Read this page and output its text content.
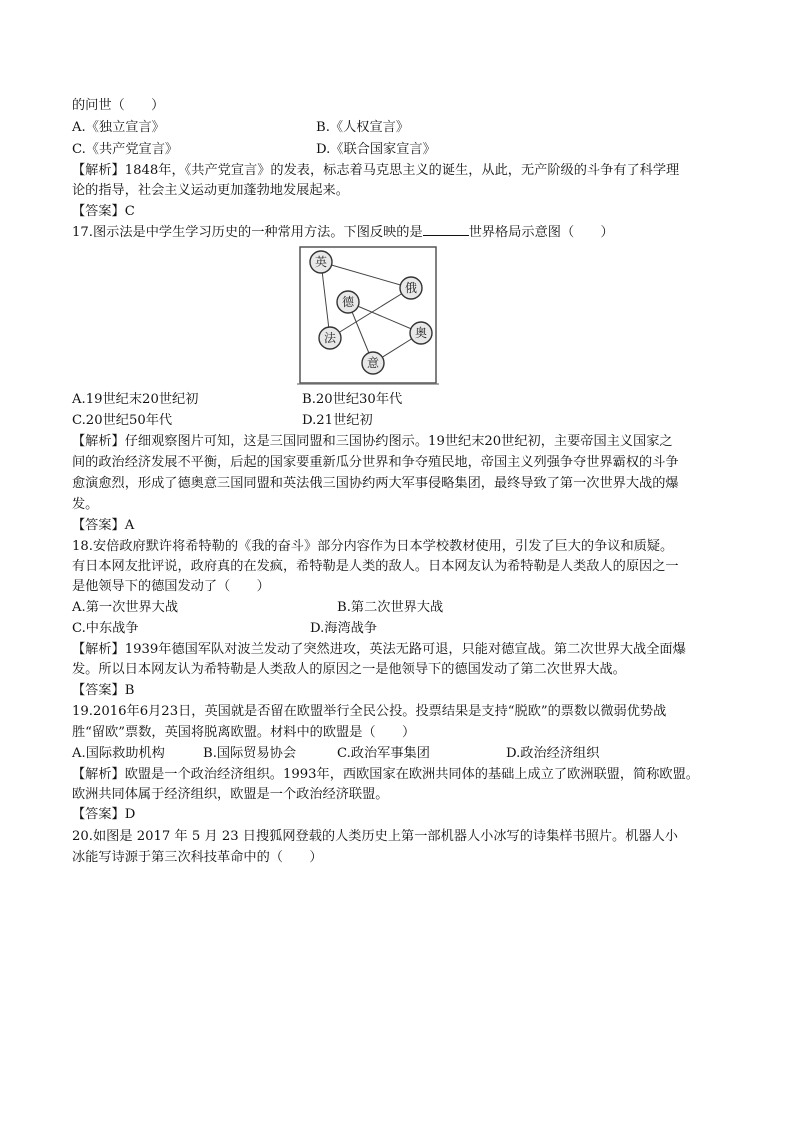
的问世（　　）
A.《独立宣言》	B.《人权宣言》
C.《共产党宣言》	D.《联合国家宣言》
【解析】1848年，《共产党宣言》的发表，标志着马克思主义的诞生，从此，无产阶级的斗争有了科学理
论的指导，社会主义运动更加蓬勃地发展起来。
【答案】C
17.图示法是中学生学习历史的一种常用方法。下图反映的是	世界格局示意图（　　）
英
俄
德
奥
法
意
A.19世纪末20世纪初	B.20世纪30年代
C.20世纪50年代	D.21世纪初
【解析】仔细观察图片可知，这是三国同盟和三国协约图示。19世纪末20世纪初，主要帝国主义国家之
间的政治经济发展不平衡，后起的国家要重新瓜分世界和争夺殖民地，帝国主义列强争夺世界霸权的斗争
愈演愈烈，形成了德奥意三国同盟和英法俄三国协约两大军事侵略集团，最终导致了第一次世界大战的爆
发。
【答案】A
18.安倍政府默许将希特勒的《我的奋斗》部分内容作为日本学校教材使用，引发了巨大的争议和质疑。
有日本网友批评说，政府真的在发疯，希特勒是人类的敌人。日本网友认为希特勒是人类敌人的原因之一
是他领导下的德国发动了（　　）
A.第一次世界大战	B.第二次世界大战
C.中东战争	D.海湾战争
【解析】1939年德国军队对波兰发动了突然进攻，英法无路可退，只能对德宣战。第二次世界大战全面爆
发。所以日本网友认为希特勒是人类敌人的原因之一是他领导下的德国发动了第二次世界大战。
【答案】B
19.2016年6月23日，英国就是否留在欧盟举行全民公投。投票结果是支持“脱欧”的票数以微弱优势战
胜“留欧”票数，英国将脱离欧盟。材料中的欧盟是（　　）
A.国际救助机构	B.国际贸易协会	C.政治军事集团	D.政治经济组织
【解析】欧盟是一个政治经济组织。1993年，西欧国家在欧洲共同体的基础上成立了欧洲联盟，简称欧盟。
欧洲共同体属于经济组织，欧盟是一个政治经济联盟。
【答案】D
20.如图是 2017 年 5 月 23 日搜狐网登载的人类历史上第一部机器人小冰写的诗集样书照片。机器人小
冰能写诗源于第三次科技革命中的（　　）
